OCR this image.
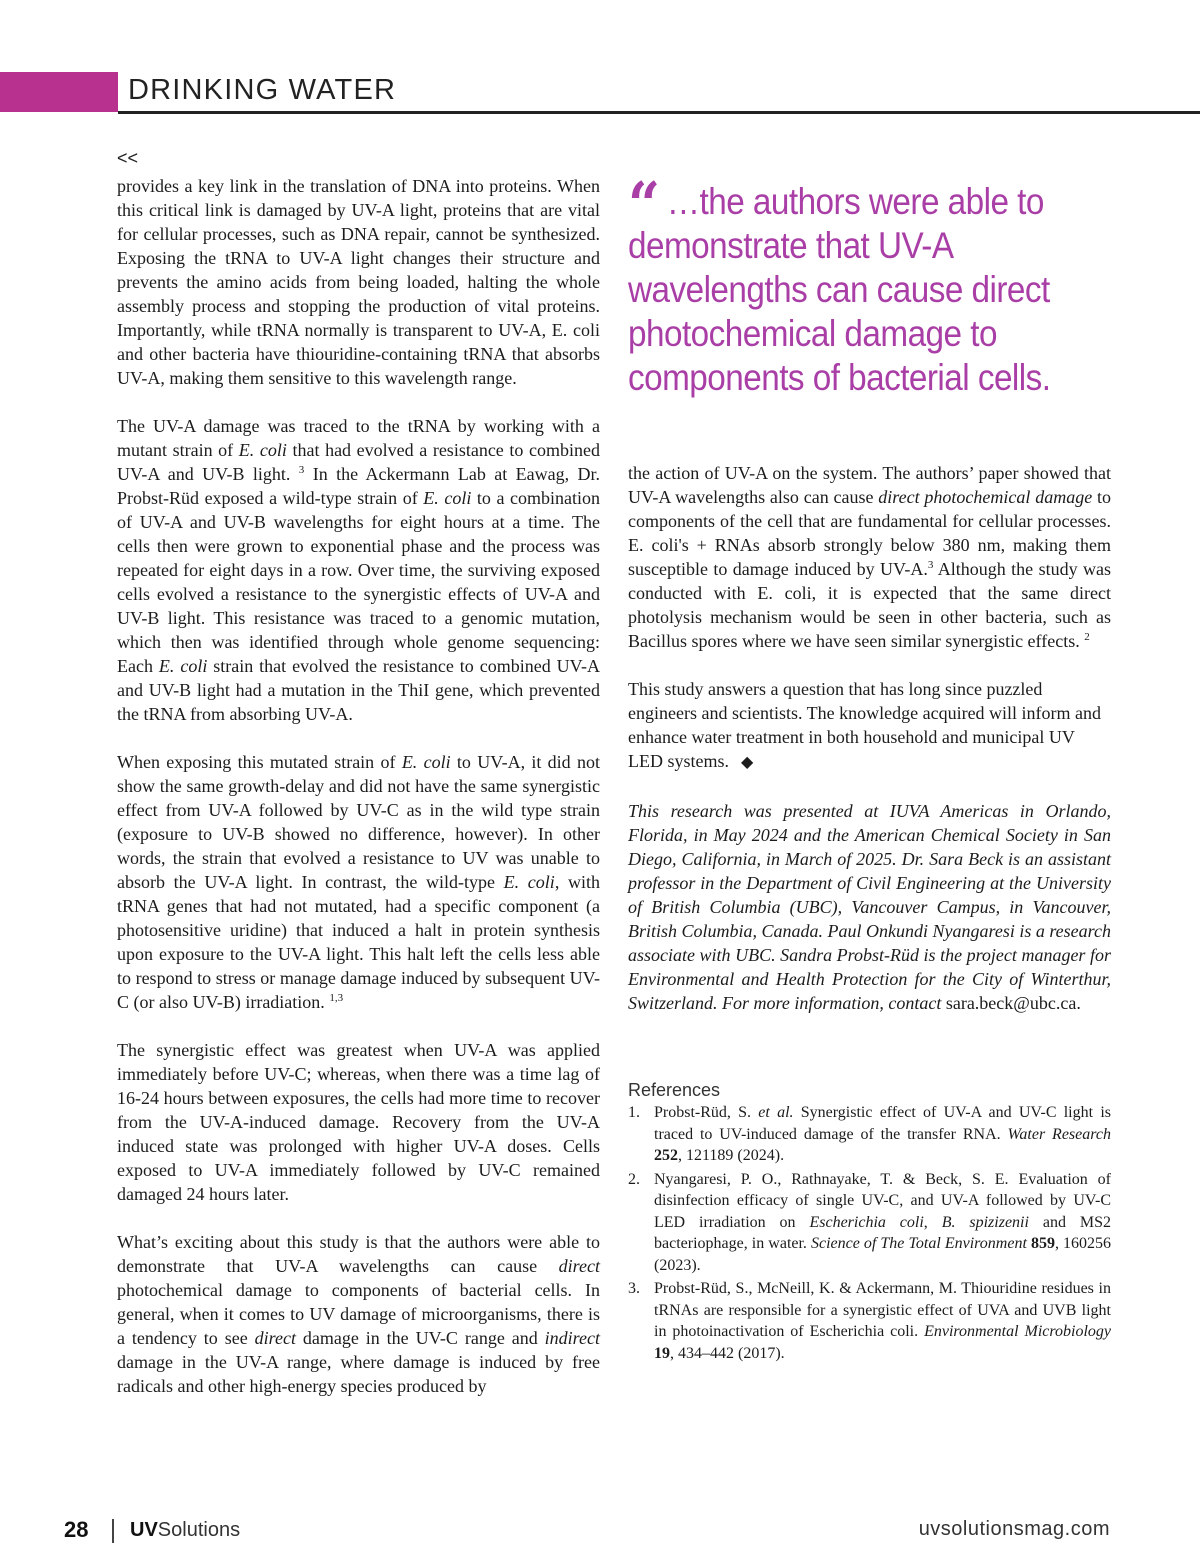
DRINKING WATER
<<

provides a key link in the translation of DNA into proteins. When this critical link is damaged by UV-A light, proteins that are vital for cellular processes, such as DNA repair, cannot be synthesized. Exposing the tRNA to UV-A light changes their structure and prevents the amino acids from being loaded, halting the whole assembly process and stopping the production of vital proteins. Importantly, while tRNA normally is transparent to UV-A, E. coli and other bacteria have thiouridine-containing tRNA that absorbs UV-A, making them sensitive to this wavelength range.

The UV-A damage was traced to the tRNA by working with a mutant strain of E. coli that had evolved a resistance to combined UV-A and UV-B light. $^3$ In the Ackermann Lab at Eawag, Dr. Probst-Rüd exposed a wild-type strain of E. coli to a combination of UV-A and UV-B wavelengths for eight hours at a time. The cells then were grown to exponential phase and the process was repeated for eight days in a row. Over time, the surviving exposed cells evolved a resistance to the synergistic effects of UV-A and UV-B light. This resistance was traced to a genomic mutation, which then was identified through whole genome sequencing: Each E. coli strain that evolved the resistance to combined UV-A and UV-B light had a mutation in the ThiI gene, which prevented the tRNA from absorbing UV-A.

When exposing this mutated strain of E. coli to UV-A, it did not show the same growth-delay and did not have the same synergistic effect from UV-A followed by UV-C as in the wild type strain (exposure to UV-B showed no difference, however). In other words, the strain that evolved a resistance to UV was unable to absorb the UV-A light. In contrast, the wild-type E. coli, with tRNA genes that had not mutated, had a specific component (a photosensitive uridine) that induced a halt in protein synthesis upon exposure to the UV-A light. This halt left the cells less able to respond to stress or manage damage induced by subsequent UV-C (or also UV-B) irradiation. $^{1,3}$

The synergistic effect was greatest when UV-A was applied immediately before UV-C; whereas, when there was a time lag of 16-24 hours between exposures, the cells had more time to recover from the UV-A-induced damage. Recovery from the UV-A induced state was prolonged with higher UV-A doses. Cells exposed to UV-A immediately followed by UV-C remained damaged 24 hours later.

What’s exciting about this study is that the authors were able to demonstrate that UV-A wavelengths can cause direct photochemical damage to components of bacterial cells. In general, when it comes to UV damage of microorganisms, there is a tendency to see direct damage in the UV-C range and indirect damage in the UV-A range, where damage is induced by free radicals and other high-energy species produced by

“ …the authors were able to demonstrate that UV-A wavelengths can cause direct photochemical damage to components of bacterial cells.

the action of UV-A on the system. The authors’ paper showed that UV-A wavelengths also can cause direct photochemical damage to components of the cell that are fundamental for cellular processes. E. coli's + RNAs absorb strongly below 380 nm, making them susceptible to damage induced by UV-A.$^3$ Although the study was conducted with E. coli, it is expected that the same direct photolysis mechanism would be seen in other bacteria, such as Bacillus spores where we have seen similar synergistic effects. $^2$

This study answers a question that has long since puzzled engineers and scientists. The knowledge acquired will inform and enhance water treatment in both household and municipal UV LED systems. ◆

This research was presented at IUVA Americas in Orlando, Florida, in May 2024 and the American Chemical Society in San Diego, California, in March of 2025. Dr. Sara Beck is an assistant professor in the Department of Civil Engineering at the University of British Columbia (UBC), Vancouver Campus, in Vancouver, British Columbia, Canada. Paul Onkundi Nyangaresi is a research associate with UBC. Sandra Probst-Rüd is the project manager for Environmental and Health Protection for the City of Winterthur, Switzerland. For more information, contact sara.beck@ubc.ca.

References
1. Probst-Rüd, S. et al. Synergistic effect of UV-A and UV-C light is traced to UV-induced damage of the transfer RNA. Water Research 252, 121189 (2024).
2. Nyangaresi, P. O., Rathnayake, T. & Beck, S. E. Evaluation of disinfection efficacy of single UV-C, and UV-A followed by UV-C LED irradiation on Escherichia coli, B. spizizenii and MS2 bacteriophage, in water. Science of The Total Environment 859, 160256 (2023).
3. Probst-Rüd, S., McNeill, K. & Ackermann, M. Thiouridine residues in tRNAs are responsible for a synergistic effect of UVA and UVB light in photoinactivation of Escherichia coli. Environmental Microbiology 19, 434–442 (2017).
28 UVSolutions	uvsolutionsmag.com
